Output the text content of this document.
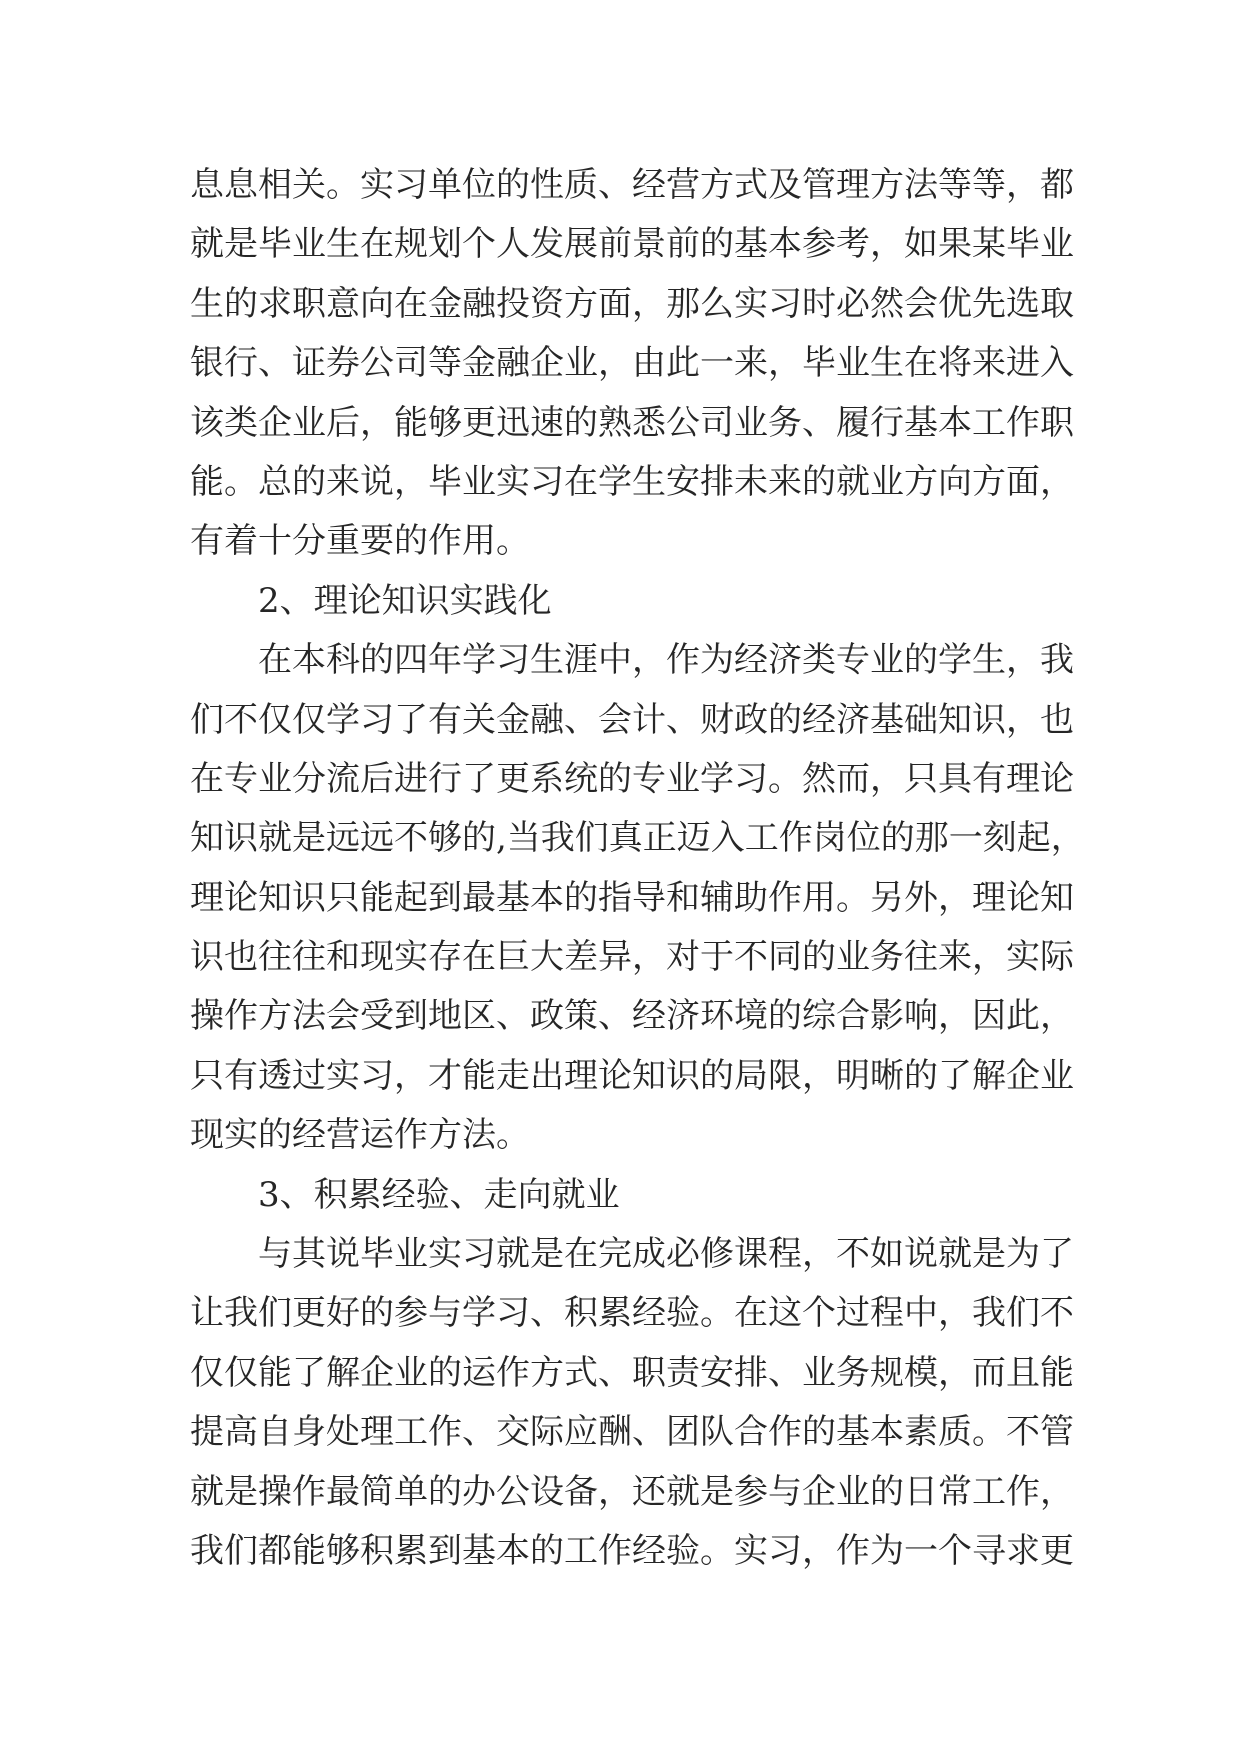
息息相关。实习单位的性质、经营方式及管理方法等等，都
就是毕业生在规划个人发展前景前的基本参考，如果某毕业
生的求职意向在金融投资方面，那么实习时必然会优先选取
银行、证券公司等金融企业，由此一来，毕业生在将来进入
该类企业后，能够更迅速的熟悉公司业务、履行基本工作职
能。总的来说，毕业实习在学生安排未来的就业方向方面，
有着十分重要的作用。
2、理论知识实践化
在本科的四年学习生涯中，作为经济类专业的学生，我
们不仅仅学习了有关金融、会计、财政的经济基础知识，也
在专业分流后进行了更系统的专业学习。然而，只具有理论
知识就是远远不够的,当我们真正迈入工作岗位的那一刻起，
理论知识只能起到最基本的指导和辅助作用。另外，理论知
识也往往和现实存在巨大差异，对于不同的业务往来，实际
操作方法会受到地区、政策、经济环境的综合影响，因此，
只有透过实习，才能走出理论知识的局限，明晰的了解企业
现实的经营运作方法。
3、积累经验、走向就业
与其说毕业实习就是在完成必修课程，不如说就是为了
让我们更好的参与学习、积累经验。在这个过程中，我们不
仅仅能了解企业的运作方式、职责安排、业务规模，而且能
提高自身处理工作、交际应酬、团队合作的基本素质。不管
就是操作最简单的办公设备，还就是参与企业的日常工作，
我们都能够积累到基本的工作经验。实习，作为一个寻求更
